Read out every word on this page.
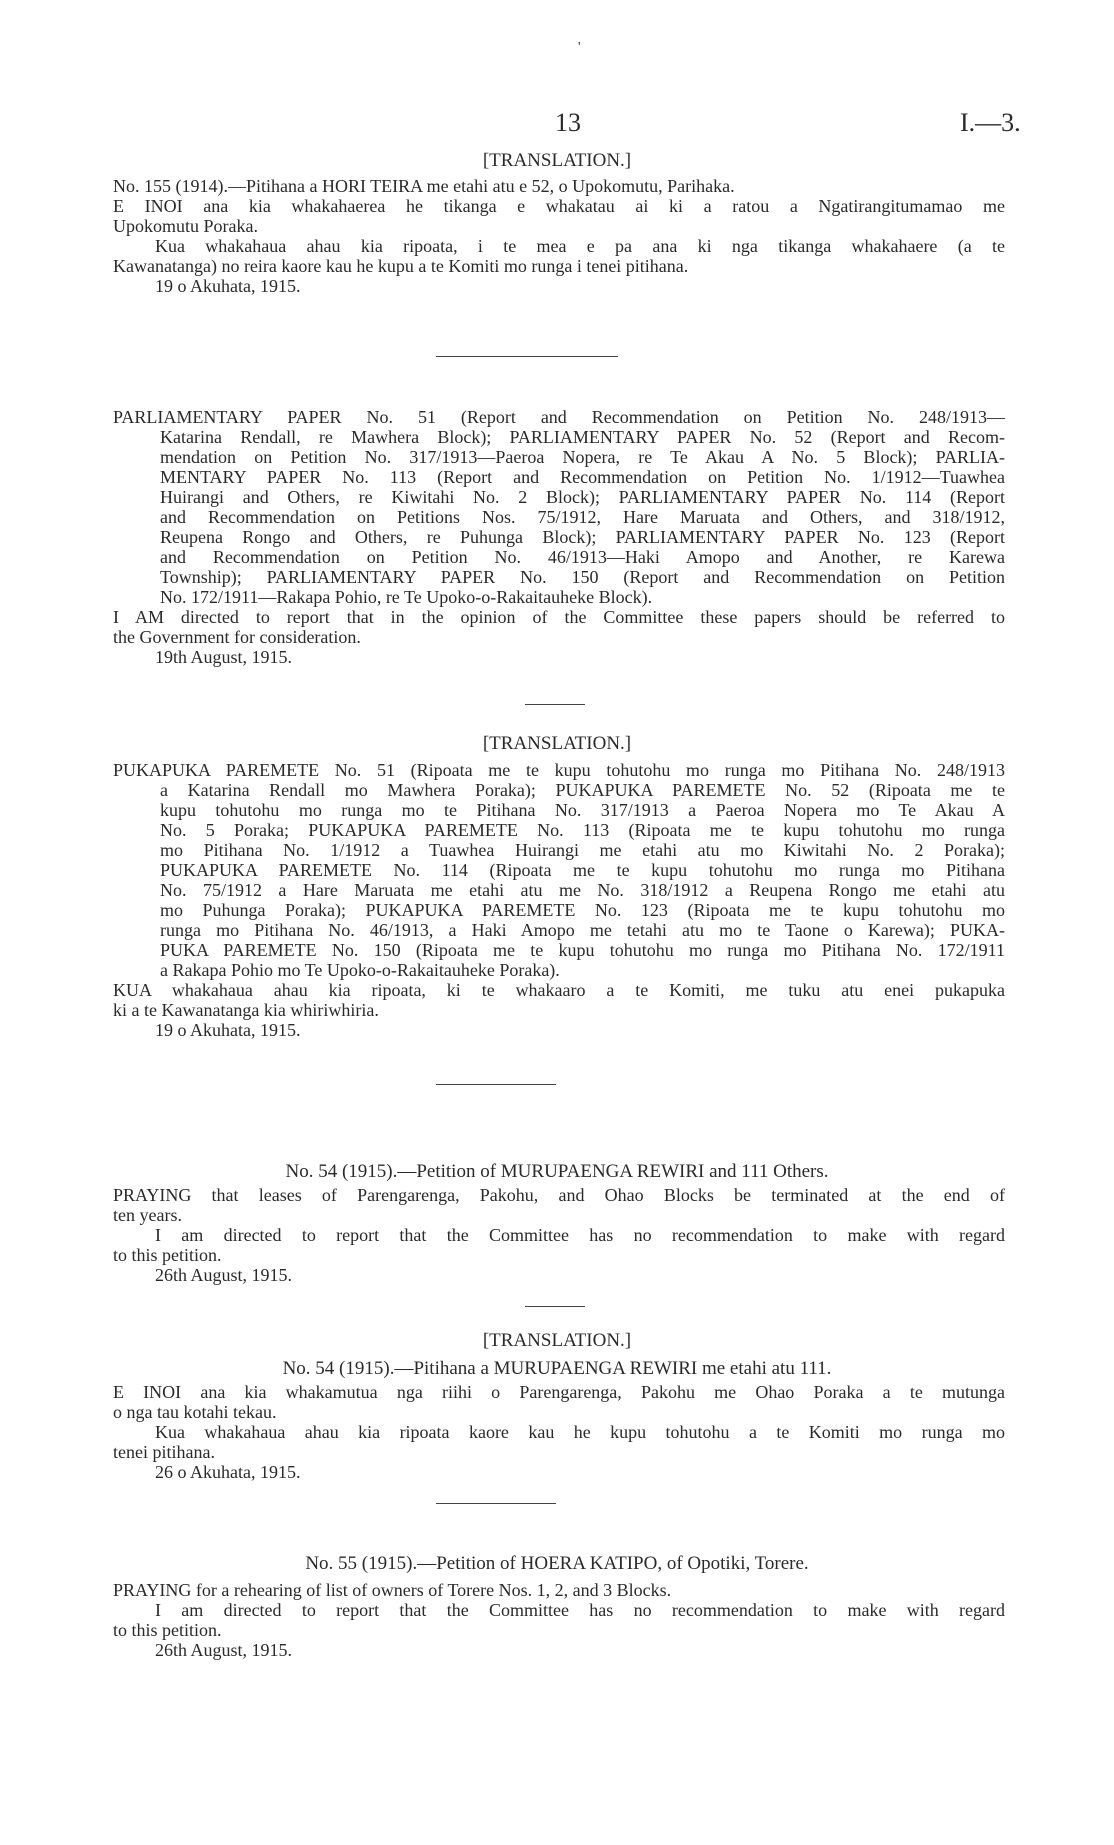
'
13	I.—3.
[TRANSLATION.]

No. 155 (1914).—Pitihana a HORI TEIRA me etahi atu e 52, o Upokomutu, Parihaka.

E INOI ana kia whakahaerea he tikanga e whakatau ai ki a ratou a Ngatirangitumamao me

Upokomutu Poraka.

Kua whakahaua ahau kia ripoata, i te mea e pa ana ki nga tikanga whakahaere (a te

Kawanatanga) no reira kaore kau he kupu a te Komiti mo runga i tenei pitihana.

19 o Akuhata, 1915.

PARLIAMENTARY PAPER No. 51 (Report and Recommendation on Petition No. 248/1913—

Katarina Rendall, re Mawhera Block); PARLIAMENTARY PAPER No. 52 (Report and Recom-

mendation on Petition No. 317/1913—Paeroa Nopera, re Te Akau A No. 5 Block); PARLIA-

MENTARY PAPER No. 113 (Report and Recommendation on Petition No. 1/1912—Tuawhea

Huirangi and Others, re Kiwitahi No. 2 Block); PARLIAMENTARY PAPER No. 114 (Report

and Recommendation on Petitions Nos. 75/1912, Hare Maruata and Others, and 318/1912,

Reupena Rongo and Others, re Puhunga Block); PARLIAMENTARY PAPER No. 123 (Report

and Recommendation on Petition No. 46/1913—Haki Amopo and Another, re Karewa

Township); PARLIAMENTARY PAPER No. 150 (Report and Recommendation on Petition

No. 172/1911—Rakapa Pohio, re Te Upoko-o-Rakaitauheke Block).

I AM directed to report that in the opinion of the Committee these papers should be referred to

the Government for consideration.

19th August, 1915.

[TRANSLATION.]

PUKAPUKA PAREMETE No. 51 (Ripoata me te kupu tohutohu mo runga mo Pitihana No. 248/1913

a Katarina Rendall mo Mawhera Poraka); PUKAPUKA PAREMETE No. 52 (Ripoata me te

kupu tohutohu mo runga mo te Pitihana No. 317/1913 a Paeroa Nopera mo Te Akau A

No. 5 Poraka; PUKAPUKA PAREMETE No. 113 (Ripoata me te kupu tohutohu mo runga

mo Pitihana No. 1/1912 a Tuawhea Huirangi me etahi atu mo Kiwitahi No. 2 Poraka);

PUKAPUKA PAREMETE No. 114 (Ripoata me te kupu tohutohu mo runga mo Pitihana

No. 75/1912 a Hare Maruata me etahi atu me No. 318/1912 a Reupena Rongo me etahi atu

mo Puhunga Poraka); PUKAPUKA PAREMETE No. 123 (Ripoata me te kupu tohutohu mo

runga mo Pitihana No. 46/1913, a Haki Amopo me tetahi atu mo te Taone o Karewa); PUKA-

PUKA PAREMETE No. 150 (Ripoata me te kupu tohutohu mo runga mo Pitihana No. 172/1911

a Rakapa Pohio mo Te Upoko-o-Rakaitauheke Poraka).

KUA whakahaua ahau kia ripoata, ki te whakaaro a te Komiti, me tuku atu enei pukapuka

ki a te Kawanatanga kia whiriwhiria.

19 o Akuhata, 1915.

No. 54 (1915).—Petition of MURUPAENGA REWIRI and 111 Others.

PRAYING that leases of Parengarenga, Pakohu, and Ohao Blocks be terminated at the end of

ten years.

I am directed to report that the Committee has no recommendation to make with regard

to this petition.

26th August, 1915.

[TRANSLATION.]
No. 54 (1915).—Pitihana a MURUPAENGA REWIRI me etahi atu 111.

E INOI ana kia whakamutua nga riihi o Parengarenga, Pakohu me Ohao Poraka a te mutunga

o nga tau kotahi tekau.

Kua whakahaua ahau kia ripoata kaore kau he kupu tohutohu a te Komiti mo runga mo

tenei pitihana.

26 o Akuhata, 1915.

No. 55 (1915).—Petition of HOERA KATIPO, of Opotiki, Torere.

PRAYING for a rehearing of list of owners of Torere Nos. 1, 2, and 3 Blocks.

I am directed to report that the Committee has no recommendation to make with regard

to this petition.

26th August, 1915.
